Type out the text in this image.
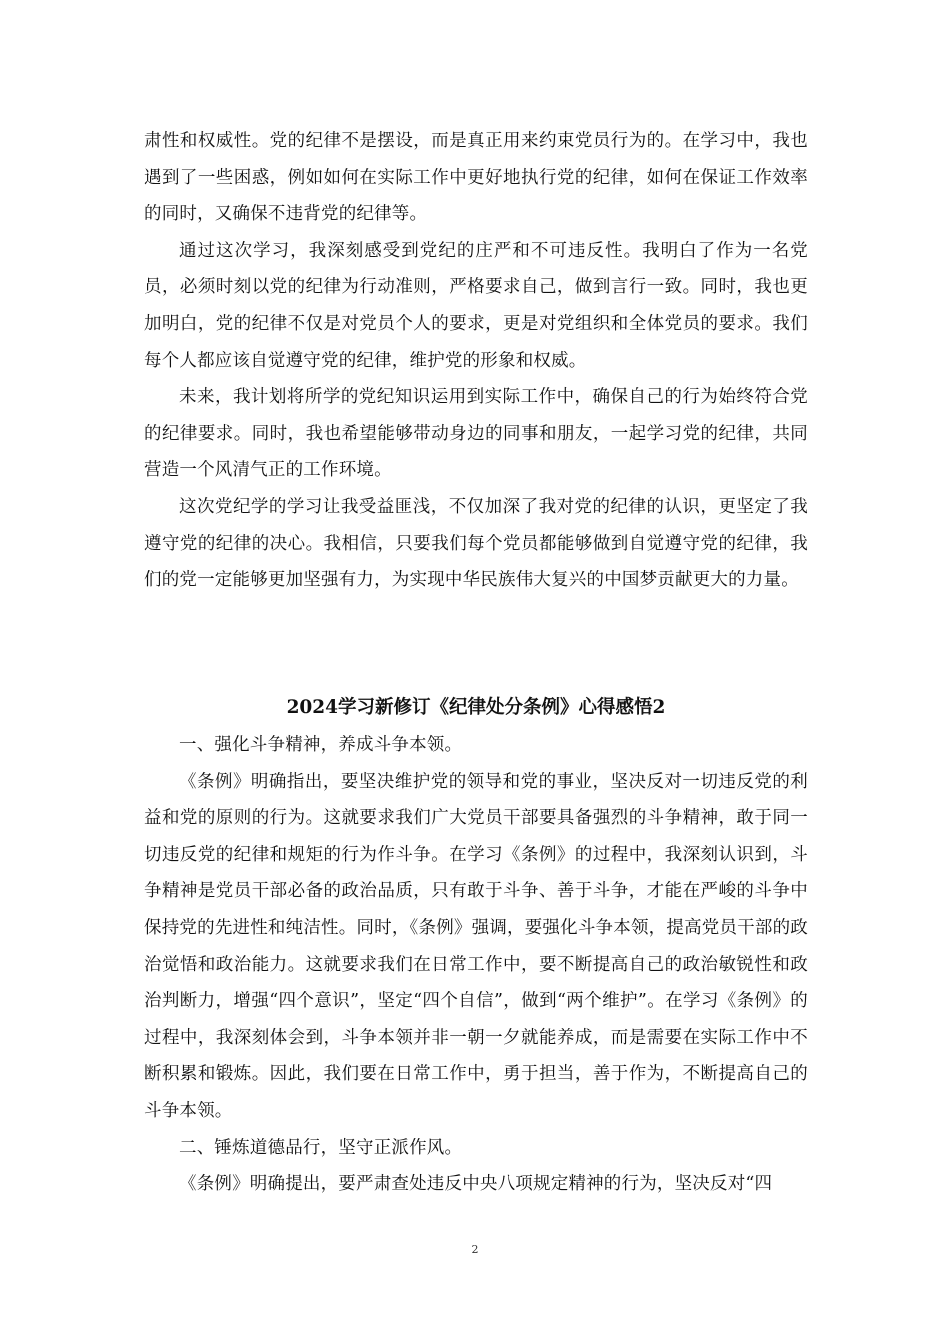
肃性和权威性。党的纪律不是摆设，而是真正用来约束党员行为的。在学习中，我也遇到了一些困惑，例如如何在实际工作中更好地执行党的纪律，如何在保证工作效率的同时，又确保不违背党的纪律等。

通过这次学习，我深刻感受到党纪的庄严和不可违反性。我明白了作为一名党员，必须时刻以党的纪律为行动准则，严格要求自己，做到言行一致。同时，我也更加明白，党的纪律不仅是对党员个人的要求，更是对党组织和全体党员的要求。我们每个人都应该自觉遵守党的纪律，维护党的形象和权威。

未来，我计划将所学的党纪知识运用到实际工作中，确保自己的行为始终符合党的纪律要求。同时，我也希望能够带动身边的同事和朋友，一起学习党的纪律，共同营造一个风清气正的工作环境。

这次党纪学的学习让我受益匪浅，不仅加深了我对党的纪律的认识，更坚定了我遵守党的纪律的决心。我相信，只要我们每个党员都能够做到自觉遵守党的纪律，我们的党一定能够更加坚强有力，为实现中华民族伟大复兴的中国梦贡献更大的力量。

2024学习新修订《纪律处分条例》心得感悟2

一、强化斗争精神，养成斗争本领。

《条例》明确指出，要坚决维护党的领导和党的事业，坚决反对一切违反党的利益和党的原则的行为。这就要求我们广大党员干部要具备强烈的斗争精神，敢于同一切违反党的纪律和规矩的行为作斗争。在学习《条例》的过程中，我深刻认识到，斗争精神是党员干部必备的政治品质，只有敢于斗争、善于斗争，才能在严峻的斗争中保持党的先进性和纯洁性。同时，《条例》强调，要强化斗争本领，提高党员干部的政治觉悟和政治能力。这就要求我们在日常工作中，要不断提高自己的政治敏锐性和政治判断力，增强“四个意识”，坚定“四个自信”，做到“两个维护”。在学习《条例》的过程中，我深刻体会到，斗争本领并非一朝一夕就能养成，而是需要在实际工作中不断积累和锻炼。因此，我们要在日常工作中，勇于担当，善于作为，不断提高自己的斗争本领。

二、锤炼道德品行，坚守正派作风。

《条例》明确提出，要严肃查处违反中央八项规定精神的行为，坚决反对“四

2
